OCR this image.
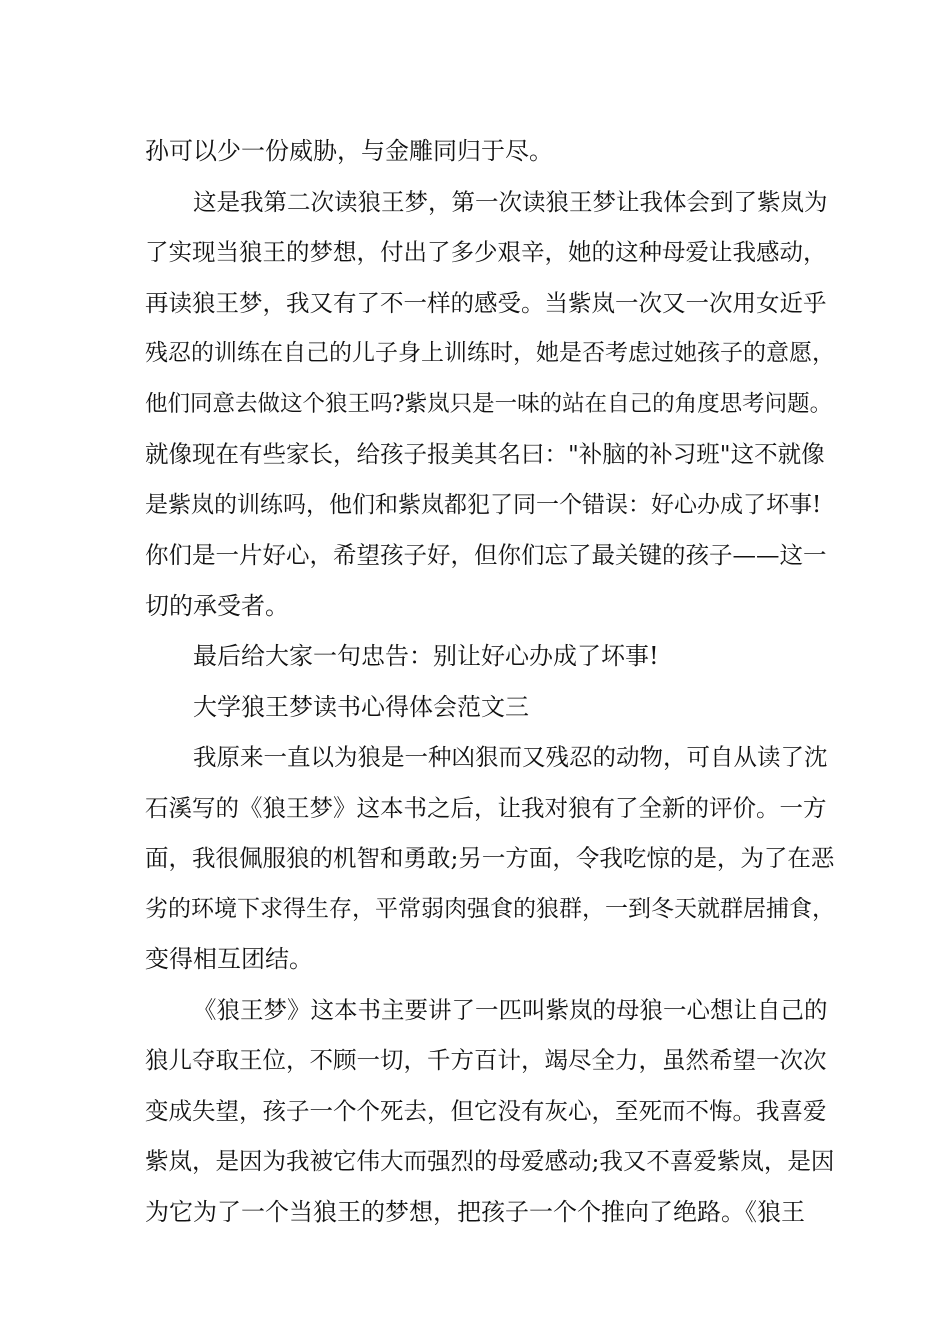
孙可以少一份威胁，与金雕同归于尽。
这是我第二次读狼王梦，第一次读狼王梦让我体会到了紫岚为
了实现当狼王的梦想，付出了多少艰辛，她的这种母爱让我感动，
再读狼王梦，我又有了不一样的感受。当紫岚一次又一次用女近乎
残忍的训练在自己的儿子身上训练时，她是否考虑过她孩子的意愿，
他们同意去做这个狼王吗?紫岚只是一味的站在自己的角度思考问题。
就像现在有些家长，给孩子报美其名曰："补脑的补习班"这不就像
是紫岚的训练吗，他们和紫岚都犯了同一个错误：好心办成了坏事!
你们是一片好心，希望孩子好，但你们忘了最关键的孩子——这一
切的承受者。
最后给大家一句忠告：别让好心办成了坏事!
大学狼王梦读书心得体会范文三
我原来一直以为狼是一种凶狠而又残忍的动物，可自从读了沈
石溪写的《狼王梦》这本书之后，让我对狼有了全新的评价。一方
面，我很佩服狼的机智和勇敢;另一方面，令我吃惊的是，为了在恶
劣的环境下求得生存，平常弱肉强食的狼群，一到冬天就群居捕食，
变得相互团结。
《狼王梦》这本书主要讲了一匹叫紫岚的母狼一心想让自己的
狼儿夺取王位，不顾一切，千方百计，竭尽全力，虽然希望一次次
变成失望，孩子一个个死去，但它没有灰心，至死而不悔。我喜爱
紫岚，是因为我被它伟大而强烈的母爱感动;我又不喜爱紫岚，是因
为它为了一个当狼王的梦想，把孩子一个个推向了绝路。《狼王
